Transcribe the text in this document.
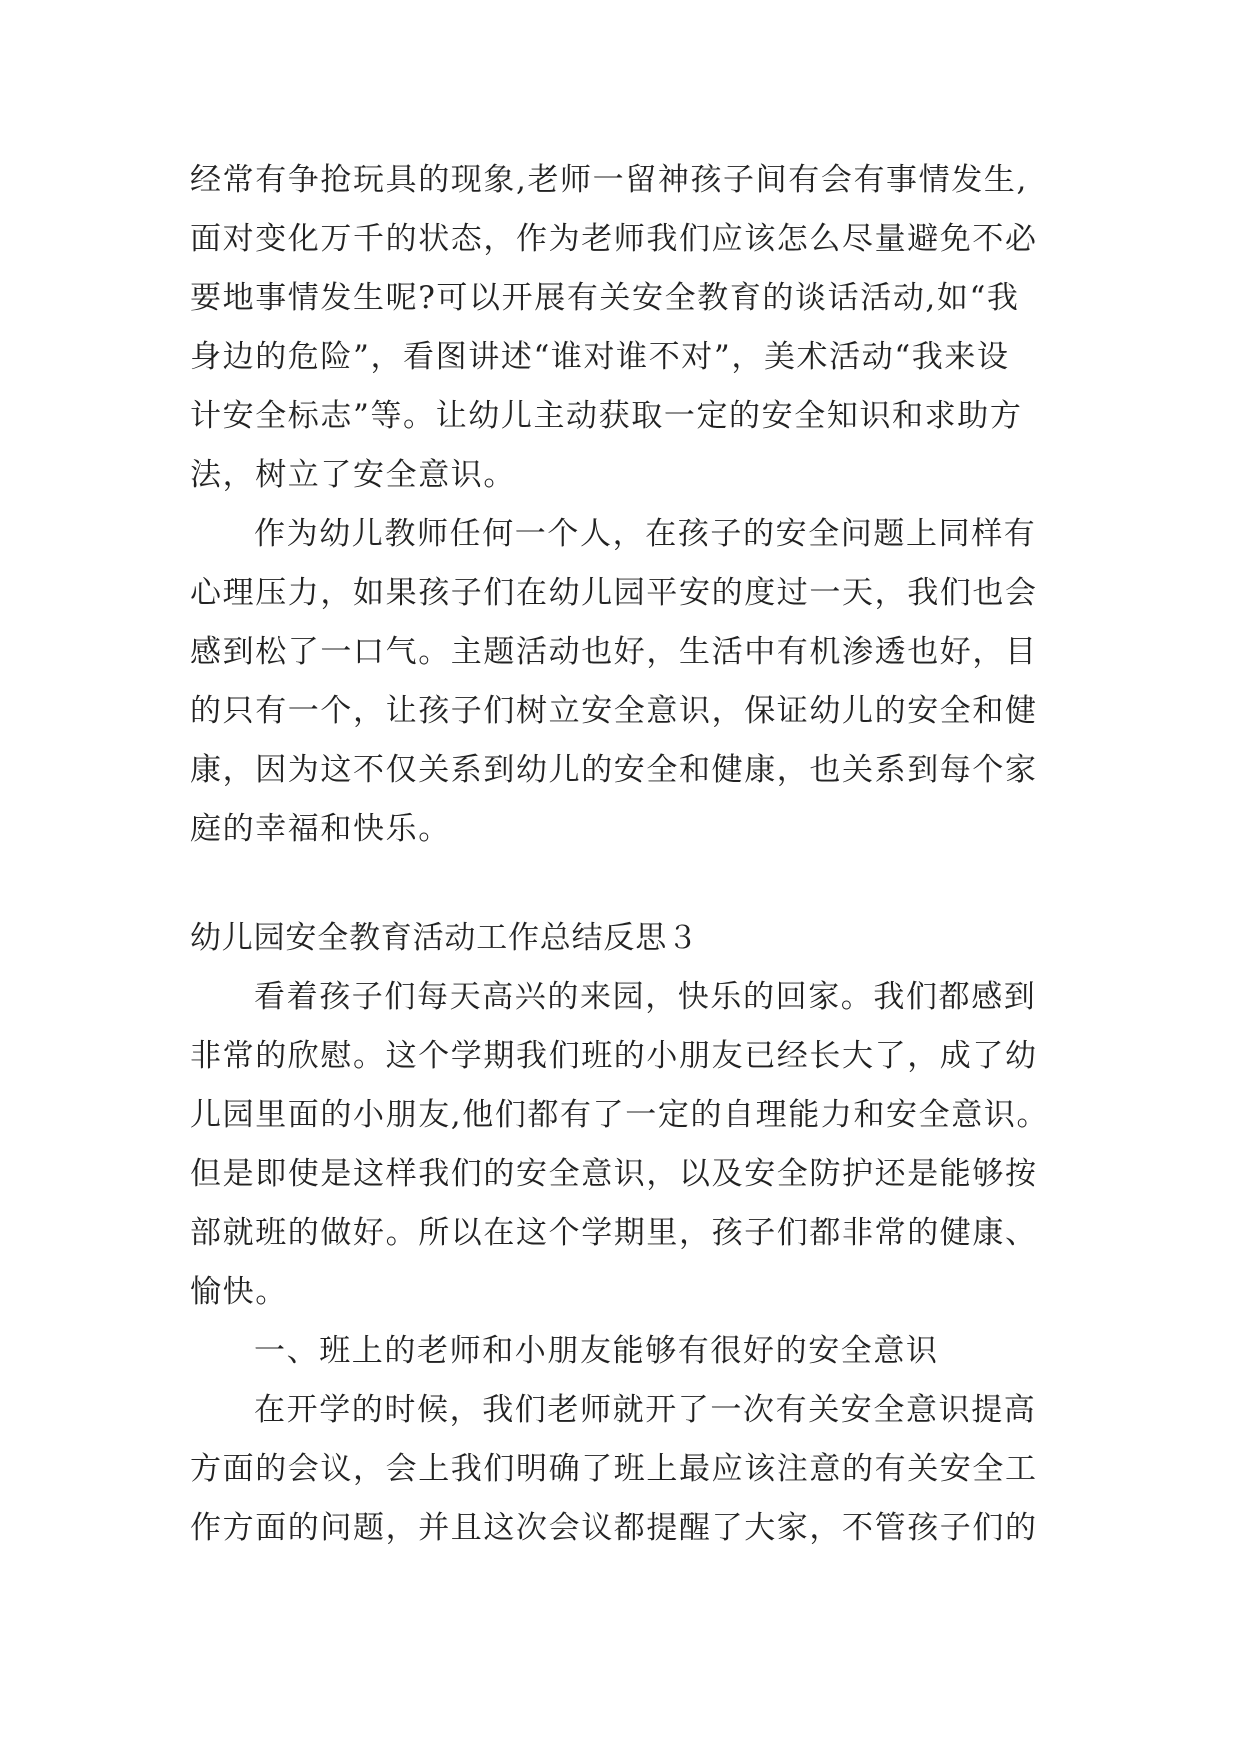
经常有争抢玩具的现象,老师一留神孩子间有会有事情发生,
面对变化万千的状态，作为老师我们应该怎么尽量避免不必
要地事情发生呢?可以开展有关安全教育的谈话活动,如“我
身边的危险”，看图讲述“谁对谁不对”，美术活动“我来设
计安全标志”等。让幼儿主动获取一定的安全知识和求助方
法，树立了安全意识。
作为幼儿教师任何一个人，在孩子的安全问题上同样有
心理压力，如果孩子们在幼儿园平安的度过一天，我们也会
感到松了一口气。主题活动也好，生活中有机渗透也好，目
的只有一个，让孩子们树立安全意识，保证幼儿的安全和健
康，因为这不仅关系到幼儿的安全和健康，也关系到每个家
庭的幸福和快乐。
幼儿园安全教育活动工作总结反思３
看着孩子们每天高兴的来园，快乐的回家。我们都感到
非常的欣慰。这个学期我们班的小朋友已经长大了，成了幼
儿园里面的小朋友,他们都有了一定的自理能力和安全意识。
但是即使是这样我们的安全意识，以及安全防护还是能够按
部就班的做好。所以在这个学期里，孩子们都非常的健康、
愉快。
一、班上的老师和小朋友能够有很好的安全意识
在开学的时候，我们老师就开了一次有关安全意识提高
方面的会议，会上我们明确了班上最应该注意的有关安全工
作方面的问题，并且这次会议都提醒了大家，不管孩子们的
